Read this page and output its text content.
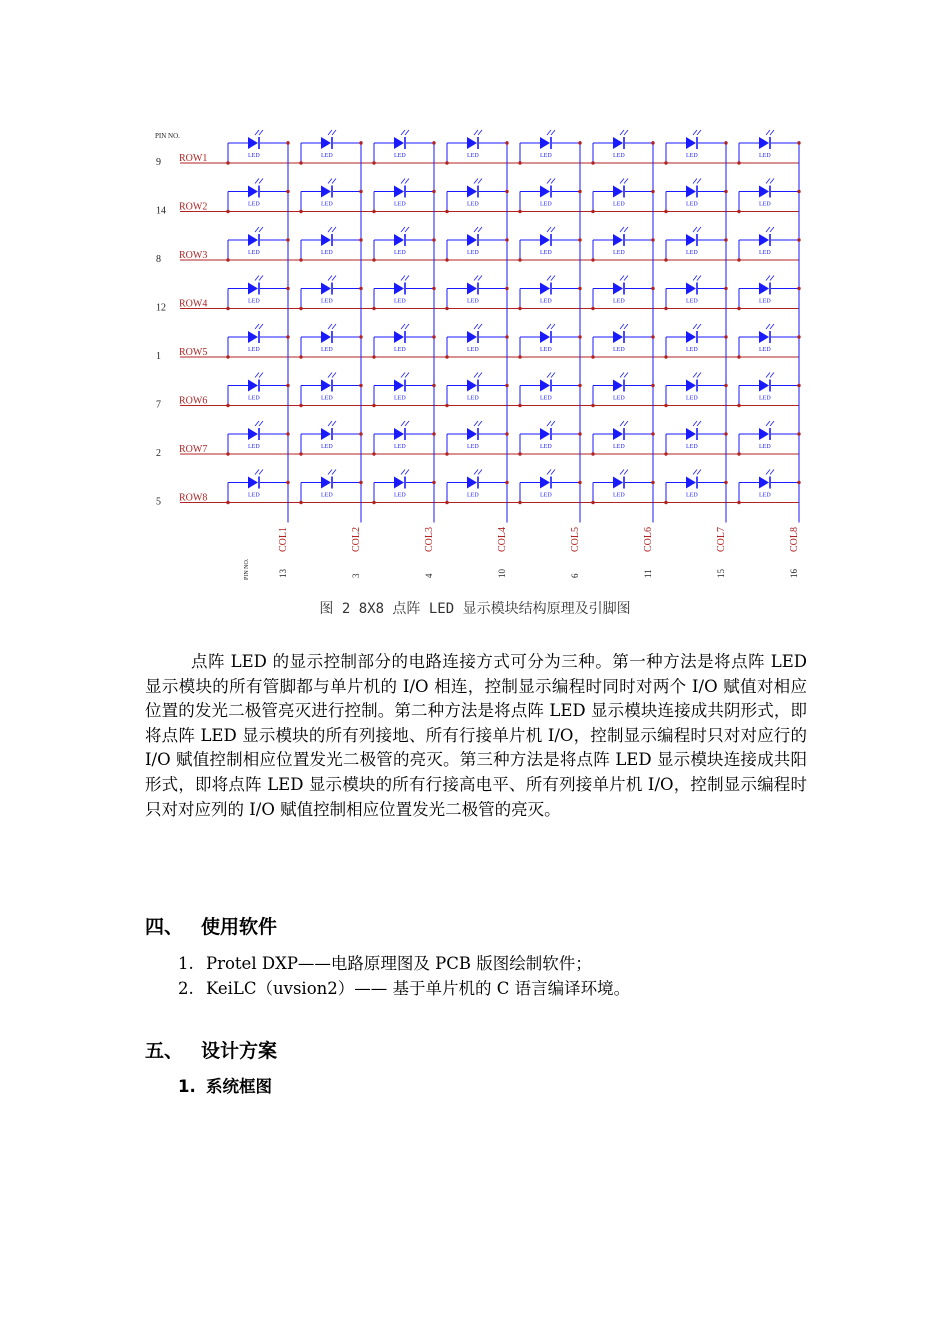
PIN NO.
9 ROW1
14 ROW2
8 ROW3
12 ROW4
1 ROW5
7 ROW6
2 ROW7
5 ROW8
COL1
13
COL2
3
COL3
4
COL4
10
COL5
6
COL6
11
COL7
15
COL8
16
PIN NO.
LED	LED	LED	LED	LED	LED	LED	LED
LED	LED	LED	LED	LED	LED	LED	LED
LED	LED	LED	LED	LED	LED	LED	LED
LED	LED	LED	LED	LED	LED	LED	LED
LED	LED	LED	LED	LED	LED	LED	LED
LED	LED	LED	LED	LED	LED	LED	LED
LED	LED	LED	LED	LED	LED	LED	LED
LED	LED	LED	LED	LED	LED	LED	LED
图 2 8X8 点阵 LED 显示模块结构原理及引脚图
点阵 LED 的显示控制部分的电路连接方式可分为三种。第一种方法是将点阵 LED 显示模块的所有管脚都与单片机的 I/O 相连，控制显示编程时同时对两个 I/O 赋值对相应位置的发光二极管亮灭进行控制。第二种方法是将点阵 LED 显示模块连接成共阴形式，即将点阵 LED 显示模块的所有列接地、所有行接单片机 I/O，控制显示编程时只对对应行的 I/O 赋值控制相应位置发光二极管的亮灭。第三种方法是将点阵 LED 显示模块连接成共阳形式，即将点阵 LED 显示模块的所有行接高电平、所有列接单片机 I/O，控制显示编程时只对对应列的 I/O 赋值控制相应位置发光二极管的亮灭。
四、 使用软件
1. Protel DXP——电路原理图及 PCB 版图绘制软件；
2. KeiLC（uvsion2）—— 基于单片机的 C 语言编译环境。
五、 设计方案
1. 系统框图
